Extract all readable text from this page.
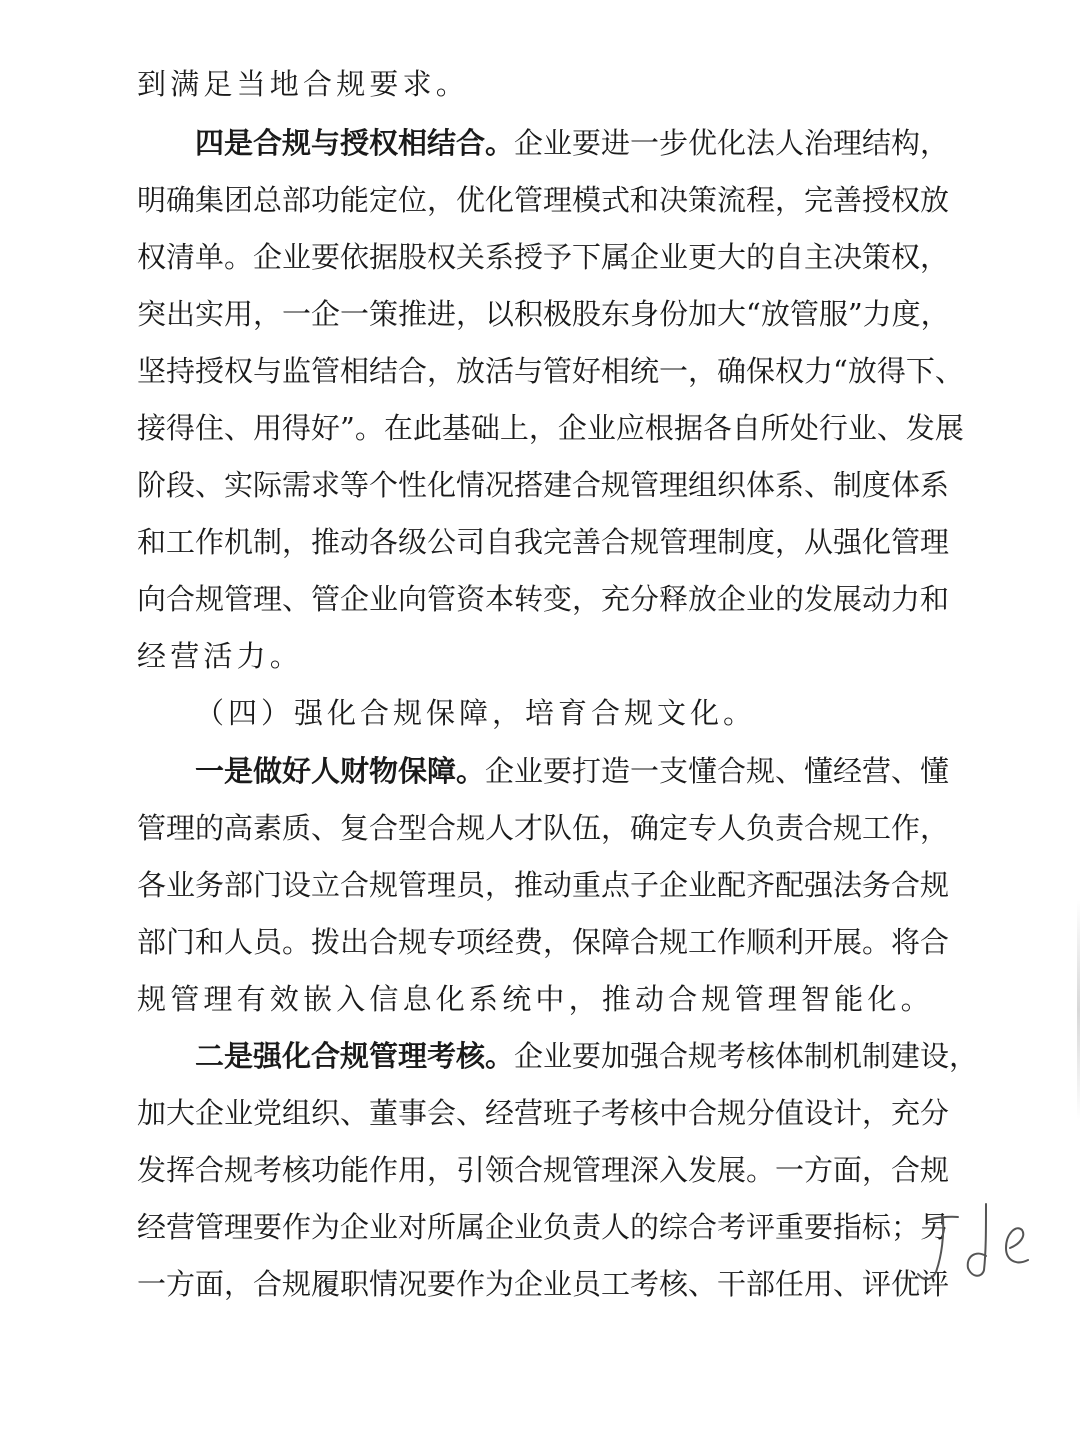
到满足当地合规要求。
四是合规与授权相结合。企业要进一步优化法人治理结构，
明确集团总部功能定位，优化管理模式和决策流程，完善授权放
权清单。企业要依据股权关系授予下属企业更大的自主决策权，
突出实用，一企一策推进，以积极股东身份加大“放管服”力度，
坚持授权与监管相结合，放活与管好相统一，确保权力“放得下、
接得住、用得好”。在此基础上，企业应根据各自所处行业、发展
阶段、实际需求等个性化情况搭建合规管理组织体系、制度体系
和工作机制，推动各级公司自我完善合规管理制度，从强化管理
向合规管理、管企业向管资本转变，充分释放企业的发展动力和
经营活力。
（四）强化合规保障，培育合规文化。
一是做好人财物保障。企业要打造一支懂合规、懂经营、懂
管理的高素质、复合型合规人才队伍，确定专人负责合规工作，
各业务部门设立合规管理员，推动重点子企业配齐配强法务合规
部门和人员。拨出合规专项经费，保障合规工作顺利开展。将合
规管理有效嵌入信息化系统中，推动合规管理智能化。
二是强化合规管理考核。企业要加强合规考核体制机制建设，
加大企业党组织、董事会、经营班子考核中合规分值设计，充分
发挥合规考核功能作用，引领合规管理深入发展。一方面，合规
经营管理要作为企业对所属企业负责人的综合考评重要指标；另
一方面，合规履职情况要作为企业员工考核、干部任用、评优评
